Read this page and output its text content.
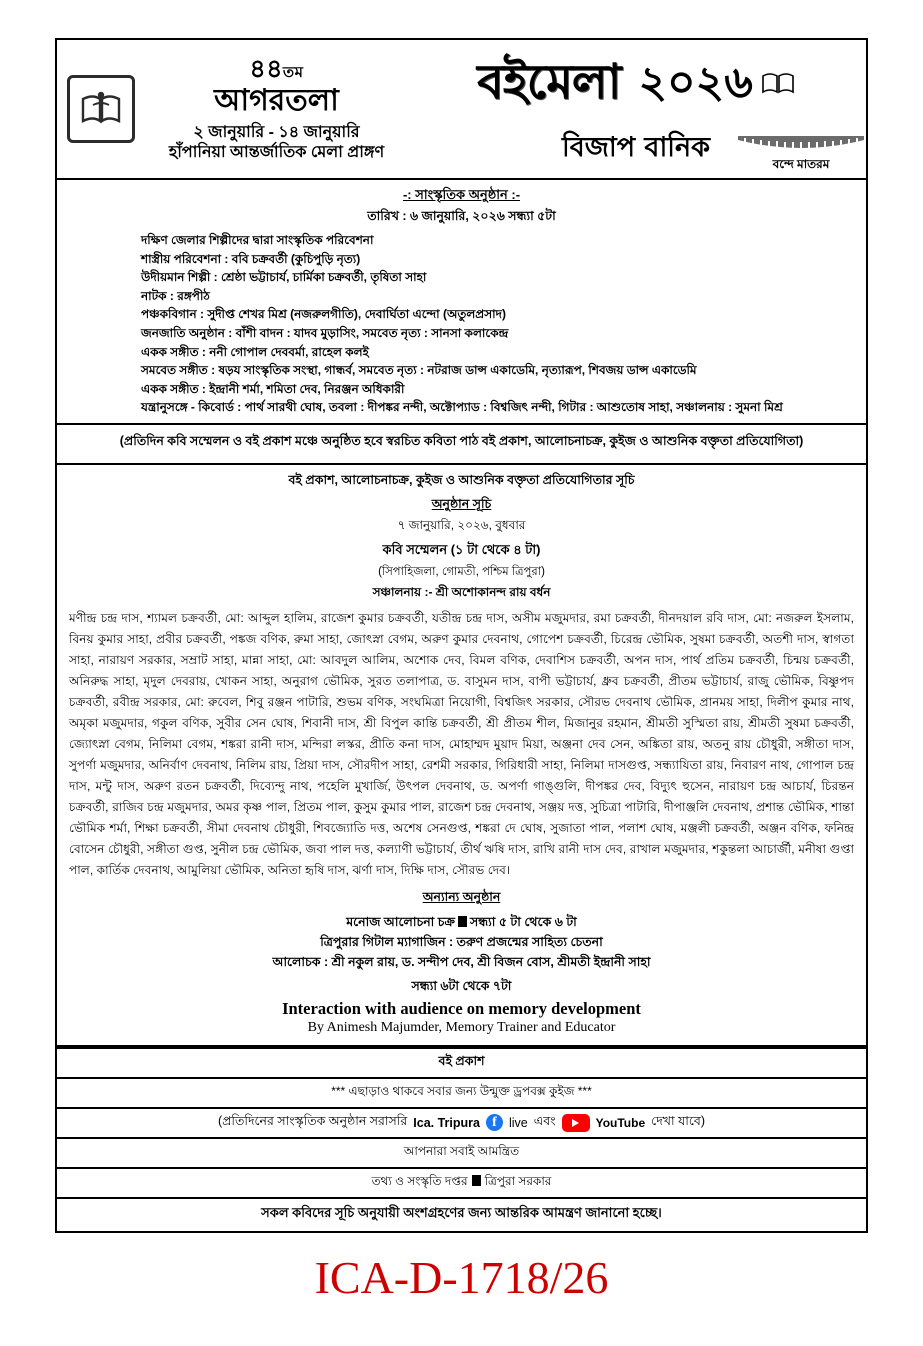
৪৪তম
আগরতলা
২ জানুয়ারি - ১৪ জানুয়ারি
হাঁপানিয়া আন্তর্জাতিক মেলা প্রাঙ্গণ
বইমেলা ২০২৬
বিজাপ বানিক
বন্দে মাতরম
-: সাংস্কৃতিক অনুষ্ঠান :-
তারিখ : ৬ জানুয়ারি, ২০২৬ সন্ধ্যা ৫টা
দক্ষিণ জেলার শিল্পীদের দ্বারা সাংস্কৃতিক পরিবেশনা
শাস্ত্রীয় পরিবেশনা : ববি চক্রবর্তী (কুচিপুড়ি নৃত্য)
উদীয়মান শিল্পী : শ্রেষ্ঠা ভট্টাচার্য, চার্মিকা চক্রবর্তী, তৃষিতা সাহা
নাটক : রঙ্গপীঠ
পঞ্চকবিগান : সুদীপ্ত শেখর মিশ্র (নজরুলগীতি), দেবার্ঘিতা এন্দো (অতুলপ্রসাদ)
জনজাতি অনুষ্ঠান : বাঁশী বাদন : যাদব মুড়াসিং, সমবেত নৃত্য : সানসা কলাকেন্দ্র
একক সঙ্গীত : ননী গোপাল দেববর্মা, রাহেল কলই
সমবেত সঙ্গীত : ষড়য সাংস্কৃতিক সংস্থা, গান্ধর্ব, সমবেত নৃত্য : নটরাজ ডান্স একাডেমি, নৃত্যারূপ, শিবজয় ডান্স একাডেমি
একক সঙ্গীত : ইন্দ্রানী শর্মা, শমিতা দেব, নিরঞ্জন অধিকারী
যন্ত্রানুসঙ্গে - কিবোর্ড : পার্থ সারথী ঘোষ, তবলা : দীপঙ্কর নন্দী, অক্টোপ্যাড : বিশ্বজিৎ নন্দী, গিটার : আশুতোষ সাহা, সঞ্চালনায় : সুমনা মিশ্র
(প্রতিদিন কবি সম্মেলন ও বই প্রকাশ মঞ্চে অনুষ্ঠিত হবে স্বরচিত কবিতা পাঠ বই প্রকাশ, আলোচনাচক্র, কুইজ ও আশুনিক বক্তৃতা প্রতিযোগিতা)
বই প্রকাশ, আলোচনাচক্র, কুইজ ও আশুনিক বক্তৃতা প্রতিযোগিতার সূচি
অনুষ্ঠান সূচি
৭ জানুয়ারি, ২০২৬, বুধবার
কবি সম্মেলন (১ টা থেকে ৪ টা)
(সিপাহিজলা, গোমতী, পশ্চিম ত্রিপুরা)
সঞ্চালনায় :- শ্রী অশোকানন্দ রায় বর্ধন
মণীন্দ্র চন্দ্র দাস, শ্যামল চক্রবর্তী, মো: আব্দুল হালিম, রাজেশ কুমার চক্রবর্তী, যতীন্দ্র চন্দ্র দাস, অসীম মজুমদার, রমা চক্রবর্তী, দীনদয়াল রবি দাস, মো: নজরুল ইসলাম, বিনয় কুমার সাহা, প্রবীর চক্রবর্তী, পঙ্কজ বণিক, রুমা সাহা, জোৎস্না বেগম, অরুণ কুমার দেবনাথ, গোপেশ চক্রবর্তী, চিরেন্দ্র ভৌমিক, সুষমা চক্রবর্তী, অতশী দাস, স্বাগতা সাহা, নারায়ণ সরকার, সম্রাট সাহা, মান্না সাহা, মো: আবদুল আলিম, অশোক দেব, বিমল বণিক, দেবাশিস চক্রবর্তী, অপন দাস, পার্থ প্রতিম চক্রবর্তী, চিন্ময় চক্রবর্তী, অনিরুদ্ধ সাহা, মৃদুল দেবরায়, খোকন সাহা, অনুরাগ ভৌমিক, সুরত তলাপাত্র, ড. বাসুমন দাস, বাপী ভট্টাচার্য, ধ্রুব চক্রবর্তী, প্রীতম ভট্টাচার্য, রাজু ভৌমিক, বিষ্ণুপদ চক্রবর্তী, রবীন্দ্র সরকার, মো: রুবেল, শিবু রঞ্জন পাটারি, শুভম বণিক, সংঘমিত্রা নিয়োগী, বিশ্বজিৎ সরকার, সৌরভ দেবনাথ ভৌমিক, প্রানময় সাহা, দিলীপ কুমার নাথ, অমৃকা মজুমদার, গকুল বণিক, সুবীর সেন ঘোষ, শিবানী দাস, শ্রী বিপুল কান্তি চক্রবর্তী, শ্রী প্রীতম শীল, মিজানুর রহমান, শ্রীমতী সুস্মিতা রায়, শ্রীমতী সুষমা চক্রবর্তী, জ্যোৎস্না বেগম, নিলিমা বেগম, শঙ্করা রানী দাস, মন্দিরা লস্কর, প্রীতি কনা দাস, মোহাম্মদ মুয়াদ মিয়া, অঞ্জনা দেব সেন, অঙ্কিতা রায়, অতনু রায় চৌধুরী, সঙ্গীতা দাস, সুপর্ণা মজুমদার, অনির্বাণ দেবনাথ, নিলিম রায়, প্রিয়া দাস, সৌরদীপ সাহা, রেশমী সরকার, গিরিধারী সাহা, নিলিমা দাসগুপ্ত, সন্ধ্যাযিতা রায়, নিবারণ নাথ, গোপাল চন্দ্র দাস, মন্টু দাস, অরুণ রতন চক্রবর্তী, দিব্যেন্দু নাথ, পহেলি মুখার্জি, উৎপল দেবনাথ, ড. অপর্ণা গাঙ্গুলি, দীপঙ্কর দেব, বিদ্যুৎ হুসেন, নারায়ণ চন্দ্র আচার্য, চিরন্তন চক্রবর্তী, রাজিব চন্দ্র মজুমদার, অমর কৃষ্ণ পাল, প্রিতম পাল, কুসুম কুমার পাল, রাজেশ চন্দ্র দেবনাথ, সঞ্জয় দত্ত, সুচিত্রা পাটারি, দীপাঞ্জলি দেবনাথ, প্রশান্ত ভৌমিক, শান্তা ভৌমিক শর্মা, শিক্ষা চক্রবর্তী, সীমা দেবনাথ চৌধুরী, শিবজ্যোতি দত্ত, অশেষ সেনগুপ্ত, শঙ্করা দে ঘোষ, সুজাতা পাল, পলাশ ঘোষ, মঞ্জলী চক্রবর্তী, অঞ্জন বণিক, ফনিন্দ্র বোসেন চৌধুরী, সঙ্গীতা গুপ্ত, সুনীল চন্দ্র ভৌমিক, জবা পাল দত্ত, কল্যাণী ভট্টাচার্য, তীর্থ ঋষি দাস, রাখি রানী দাস দেব, রাখাল মজুমদার, শকুন্তলা আচার্জী, মনীষা গুপ্তা পাল, কার্তিক দেবনাথ, আমুলিয়া ভৌমিক, অনিতা হৃষি দাস, ঝর্ণা দাস, দিক্ষি দাস, সৌরভ দেব।
অন্যান্য অনুষ্ঠান
মনোজ আলোচনা চক্র সন্ধ্যা ৫ টা থেকে ৬ টা
ত্রিপুরার গিটাল ম্যাগাজিন : তরুণ প্রজন্মের সাহিত্য চেতনা
আলোচক : শ্রী নকুল রায়, ড. সন্দীপ দেব, শ্রী বিজন বোস, শ্রীমতী ইন্দ্রানী সাহা
সন্ধ্যা ৬টা থেকে ৭টা
Interaction with audience on memory development
By Animesh Majumder, Memory Trainer and Educator
বই প্রকাশ
*** এছাড়াও থাকবে সবার জন্য উন্মুক্ত ড্রপবক্স কুইজ ***
(প্রতিদিনের সাংস্কৃতিক অনুষ্ঠান সরাসরি Ica. Tripura f live এবং	YouTube দেখা যাবে)
আপনারা সবাই আমন্ত্রিত
তথ্য ও সংস্কৃতি দপ্তর ত্রিপুরা সরকার
সকল কবিদের সূচি অনুযায়ী অংশগ্রহণের জন্য আন্তরিক আমন্ত্রণ জানানো হচ্ছে।
ICA-D-1718/26
